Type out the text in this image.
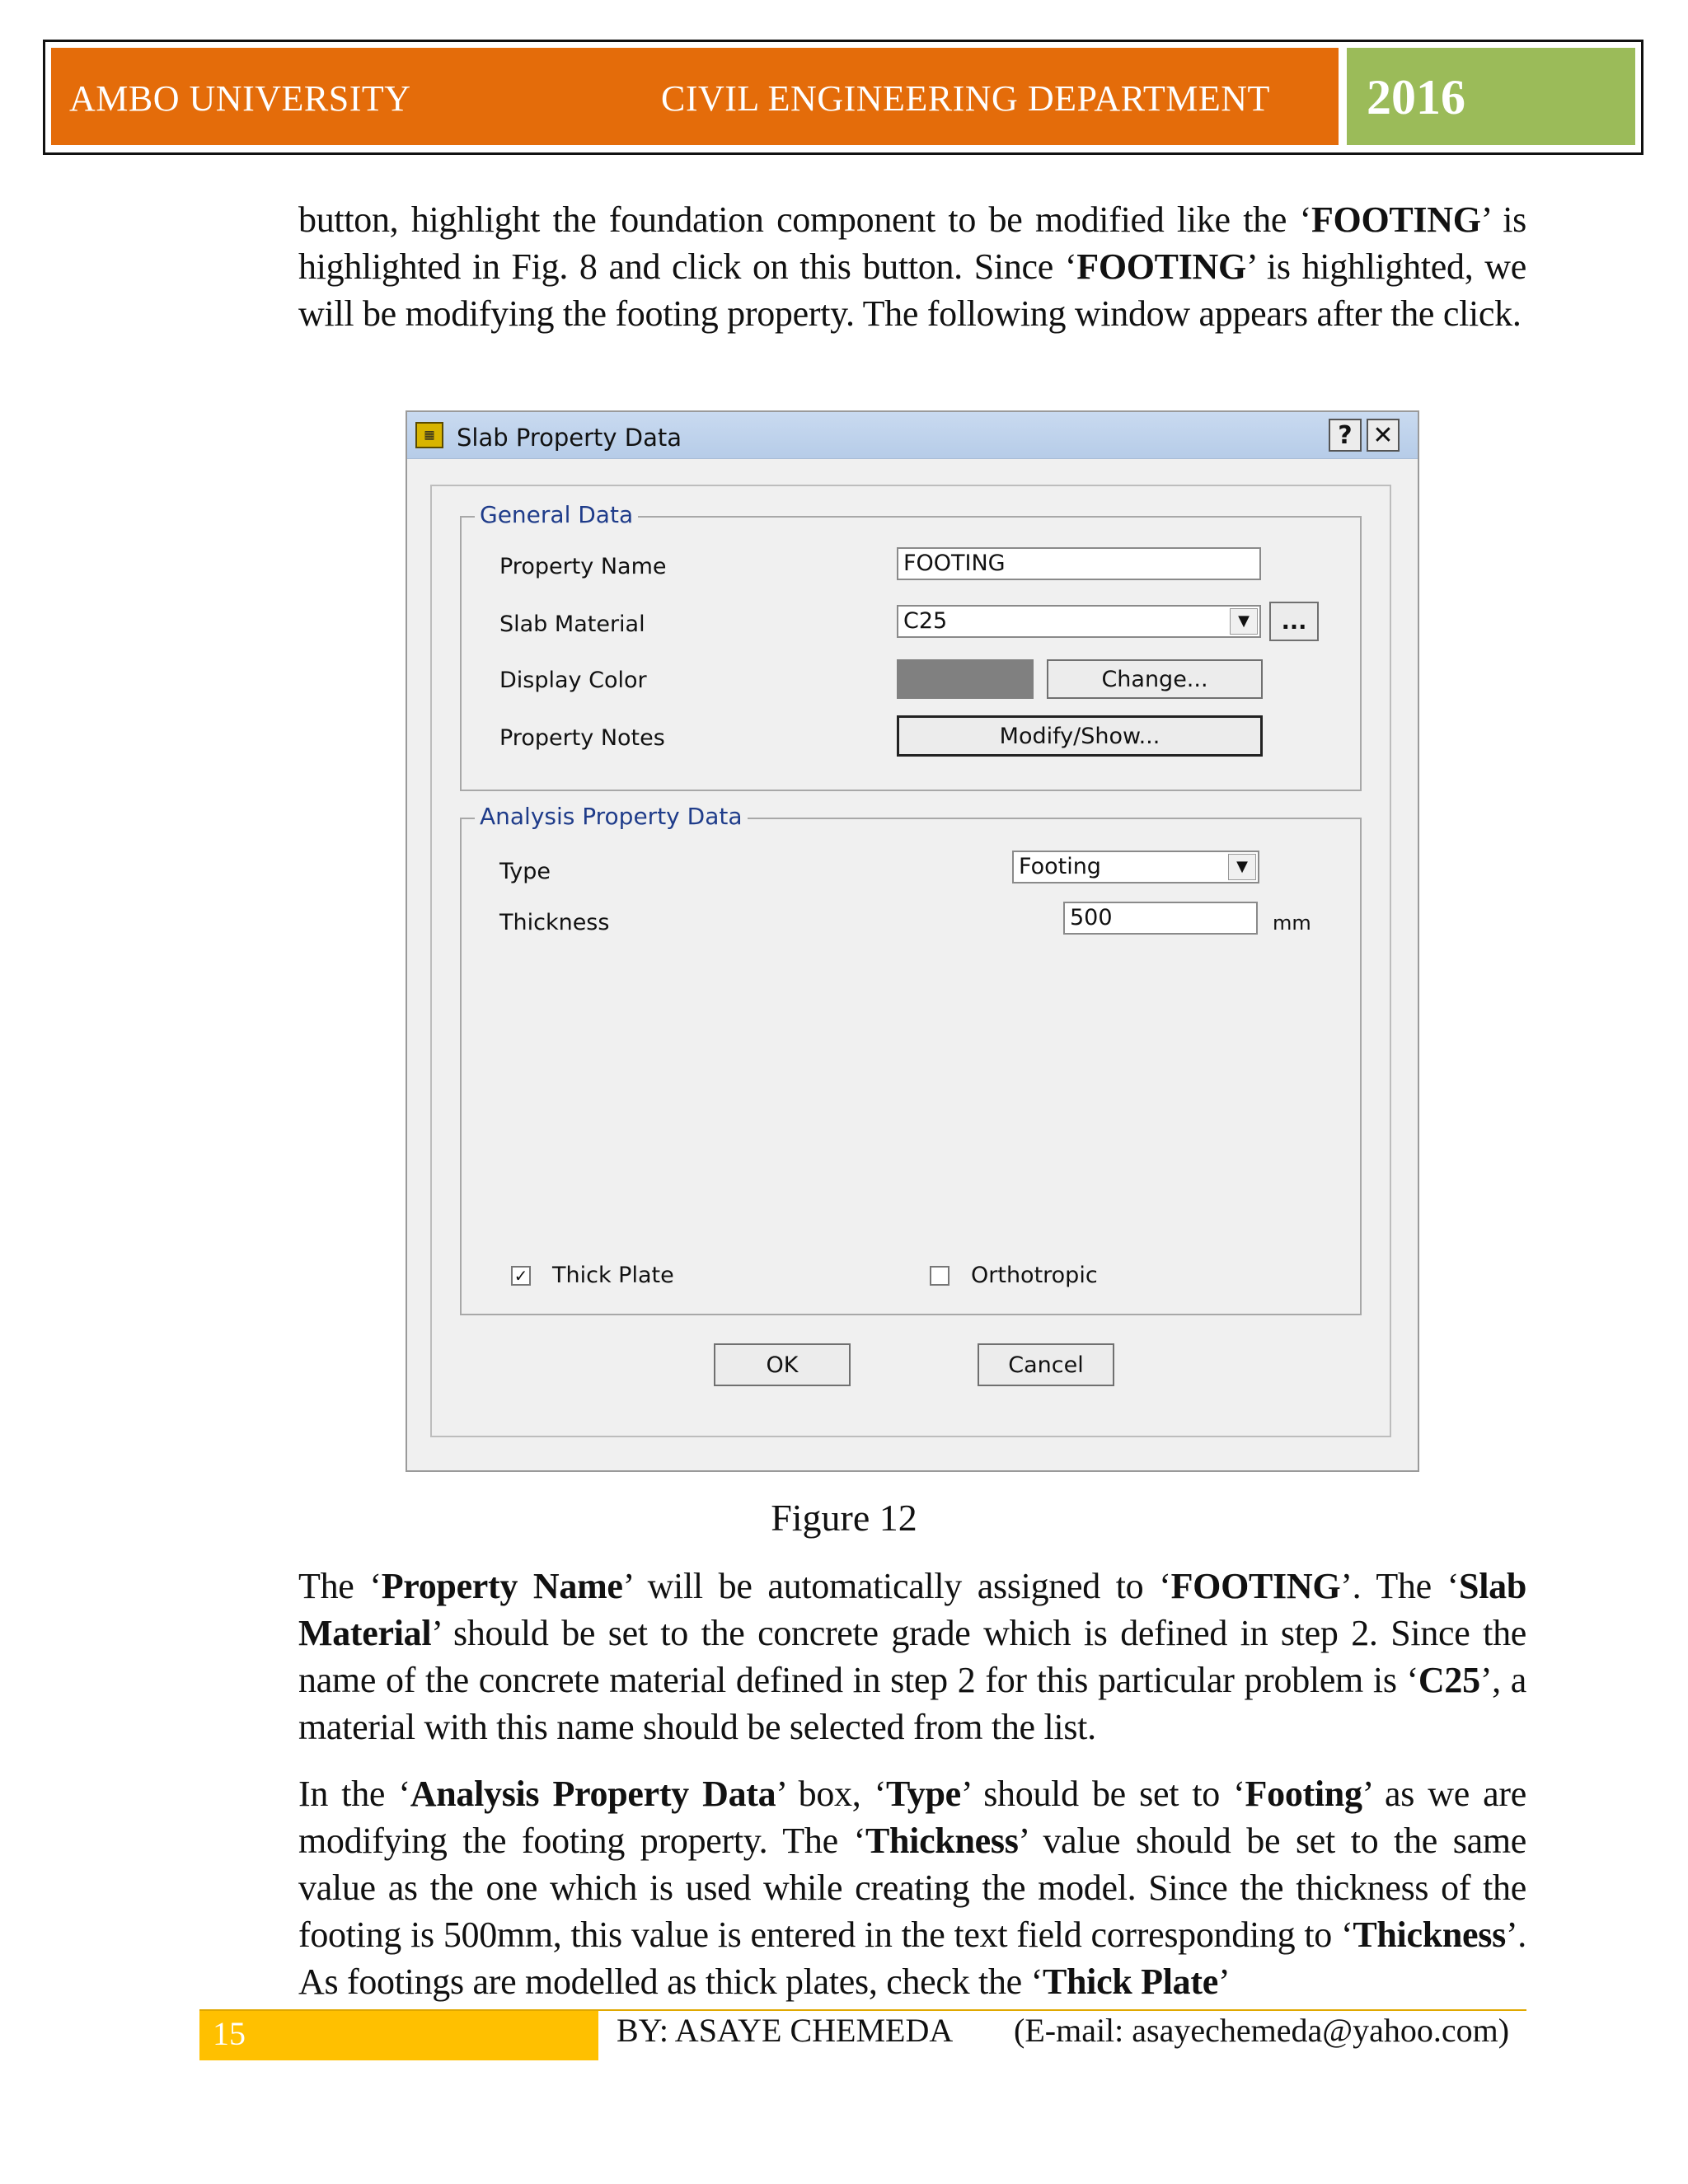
AMBO UNIVERSITY	CIVIL ENGINEERING DEPARTMENT 2016

button, highlight the foundation component to be modified like the ‘FOOTING’ is highlighted in Fig. 8 and click on this button. Since ‘FOOTING’ is highlighted, we will be modifying the footing property. The following window appears after the click.

▦ Slab Property Data	? ✕
General Data
Property Name	FOOTING
Slab Material	C25	▼	...
Display Color	Change...
Property Notes	Modify/Show...
Analysis Property Data
Type	Footing	▼
Thickness	500	mm
✓ Thick Plate	Orthotropic
OK	Cancel
Figure 12

The ‘Property Name’ will be automatically assigned to ‘FOOTING’. The ‘Slab Material’ should be set to the concrete grade which is defined in step 2. Since the name of the concrete material defined in step 2 for this particular problem is ‘C25’, a material with this name should be selected from the list.

In the ‘Analysis Property Data’ box, ‘Type’ should be set to ‘Footing’ as we are modifying the footing property. The ‘Thickness’ value should be set to the same value as the one which is used while creating the model. Since the thickness of the footing is 500mm, this value is entered in the text field corresponding to ‘Thickness’. As footings are modelled as thick plates, check the ‘Thick Plate’

15	BY: ASAYE CHEMEDA (E-mail: asayechemeda@yahoo.com)
